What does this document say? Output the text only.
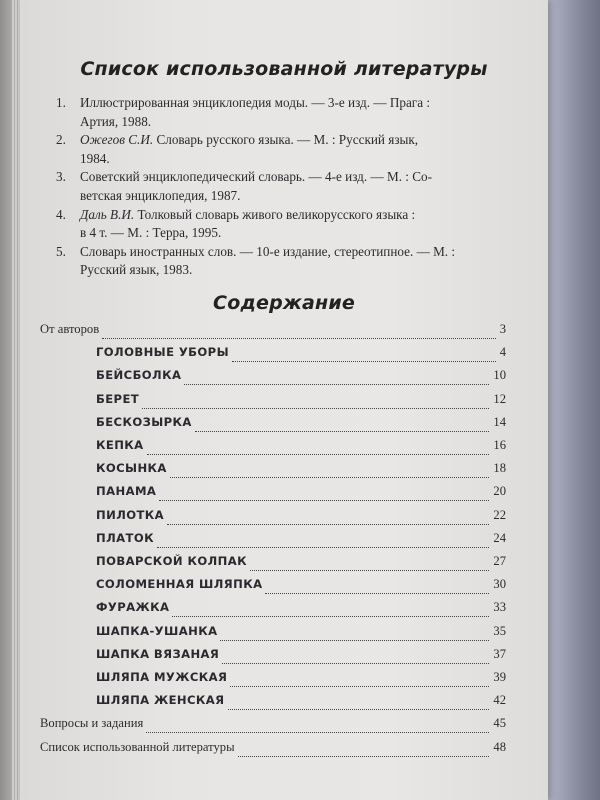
Список использованной литературы
1. Иллюстрированная энциклопедия моды. — 3-е изд. — Прага :
Артия, 1988.
2. Ожегов С.И. Словарь русского языка. — М. : Русский язык,
1984.
3. Советский энциклопедический словарь. — 4-е изд. — М. : Со-
ветская энциклопедия, 1987.
4. Даль В.И. Толковый словарь живого великорусского языка :
в 4 т. — М. : Терра, 1995.
5. Словарь иностранных слов. — 10-е издание, стереотипное. — М. :
Русский язык, 1983.
Содержание
От авторов	3
ГОЛОВНЫЕ УБОРЫ	4
БЕЙСБОЛКА	10
БЕРЕТ	12
БЕСКОЗЫРКА	14
КЕПКА	16
КОСЫНКА	18
ПАНАМА	20
ПИЛОТКА	22
ПЛАТОК	24
ПОВАРСКОЙ КОЛПАК	27
СОЛОМЕННАЯ ШЛЯПКА	30
ФУРАЖКА	33
ШАПКА-УШАНКА	35
ШАПКА ВЯЗАНАЯ	37
ШЛЯПА МУЖСКАЯ	39
ШЛЯПА ЖЕНСКАЯ	42
Вопросы и задания	45
Список использованной литературы	48
